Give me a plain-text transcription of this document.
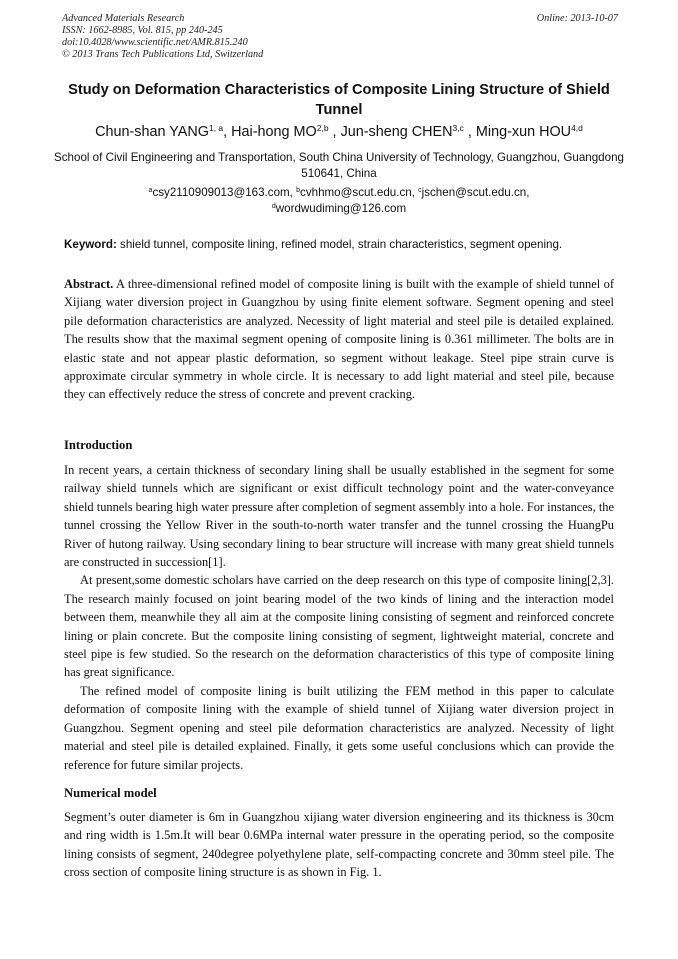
Advanced Materials Research
ISSN: 1662-8985, Vol. 815, pp 240-245
doi:10.4028/www.scientific.net/AMR.815.240
© 2013 Trans Tech Publications Ltd, Switzerland
Online: 2013-10-07
Study on Deformation Characteristics of Composite Lining Structure of Shield Tunnel
Chun-shan YANG$^{1, a}$, Hai-hong MO$^{2,b}$ , Jun-sheng CHEN$^{3,c}$ , Ming-xun HOU$^{4,d}$
School of Civil Engineering and Transportation, South China University of Technology, Guangzhou, Guangdong 510641, China
$^a$csy2110909013@163.com, $^b$cvhhmo@scut.edu.cn, $^c$jschen@scut.edu.cn,
$^d$wordwudiming@126.com
Keyword: shield tunnel, composite lining, refined model, strain characteristics, segment opening.
Abstract. A three-dimensional refined model of composite lining is built with the example of shield tunnel of Xijiang water diversion project in Guangzhou by using finite element software. Segment opening and steel pile deformation characteristics are analyzed. Necessity of light material and steel pile is detailed explained. The results show that the maximal segment opening of composite lining is 0.361 millimeter. The bolts are in elastic state and not appear plastic deformation, so segment without leakage. Steel pipe strain curve is approximate circular symmetry in whole circle. It is necessary to add light material and steel pile, because they can effectively reduce the stress of concrete and prevent cracking.
Introduction

In recent years, a certain thickness of secondary lining shall be usually established in the segment for some railway shield tunnels which are significant or exist difficult technology point and the water-conveyance shield tunnels bearing high water pressure after completion of segment assembly into a hole. For instances, the tunnel crossing the Yellow River in the south-to-north water transfer and the tunnel crossing the HuangPu River of hutong railway. Using secondary lining to bear structure will increase with many great shield tunnels are constructed in succession[1].

At present,some domestic scholars have carried on the deep research on this type of composite lining[2,3]. The research mainly focused on joint bearing model of the two kinds of lining and the interaction model between them, meanwhile they all aim at the composite lining consisting of segment and reinforced concrete lining or plain concrete. But the composite lining consisting of segment, lightweight material, concrete and steel pipe is few studied. So the research on the deformation characteristics of this type of composite lining has great significance.

The refined model of composite lining is built utilizing the FEM method in this paper to calculate deformation of composite lining with the example of shield tunnel of Xijiang water diversion project in Guangzhou. Segment opening and steel pile deformation characteristics are analyzed. Necessity of light material and steel pile is detailed explained. Finally, it gets some useful conclusions which can provide the reference for future similar projects.

Numerical model

Segment’s outer diameter is 6m in Guangzhou xijiang water diversion engineering and its thickness is 30cm and ring width is 1.5m.It will bear 0.6MPa internal water pressure in the operating period, so the composite lining consists of segment, 240degree polyethylene plate, self-compacting concrete and 30mm steel pile. The cross section of composite lining structure is as shown in Fig. 1.
